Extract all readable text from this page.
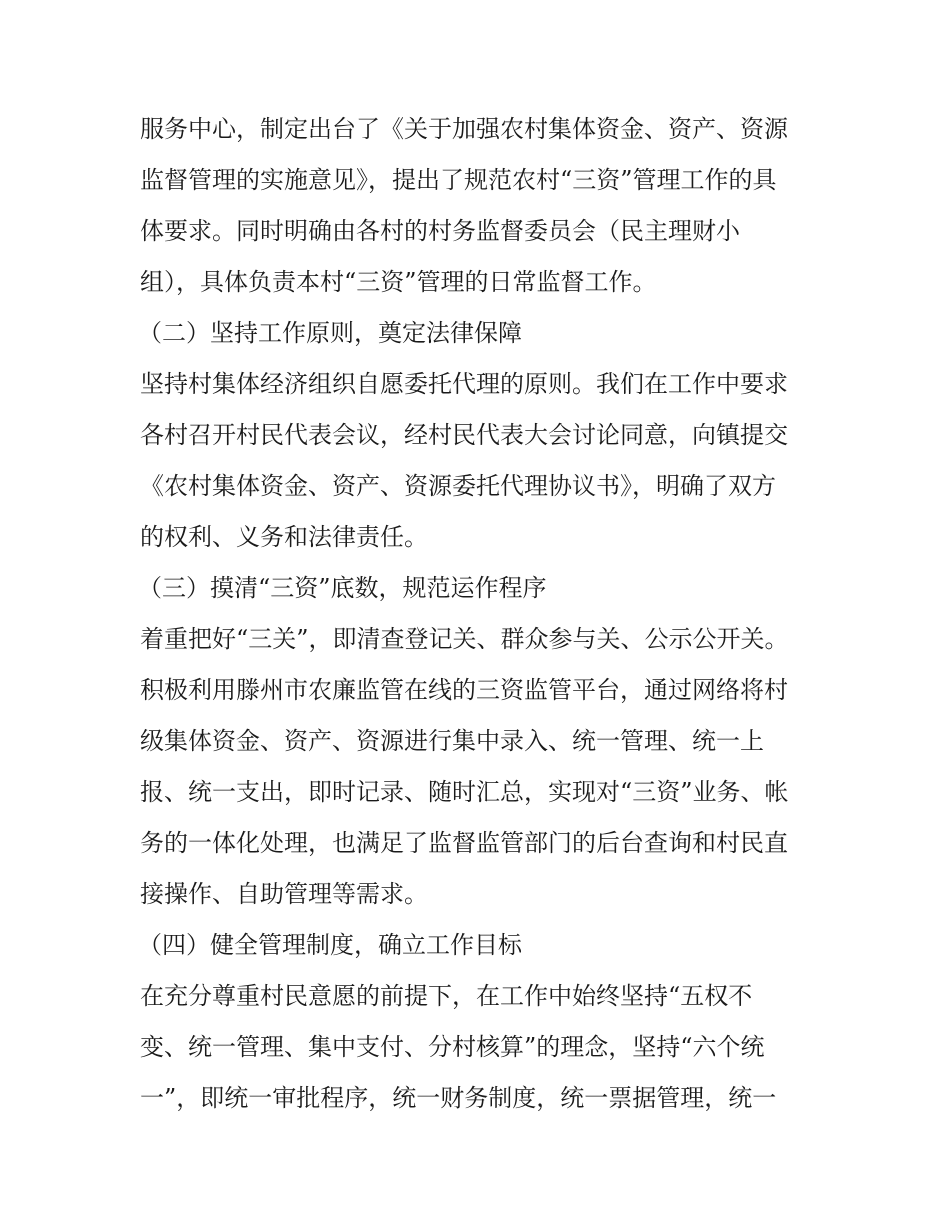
服务中心，制定出台了《关于加强农村集体资金、资产、资源
监督管理的实施意见》，提出了规范农村“三资”管理工作的具
体要求。同时明确由各村的村务监督委员会（民主理财小
组），具体负责本村“三资”管理的日常监督工作。
（二）坚持工作原则，奠定法律保障
坚持村集体经济组织自愿委托代理的原则。我们在工作中要求
各村召开村民代表会议，经村民代表大会讨论同意，向镇提交
《农村集体资金、资产、资源委托代理协议书》，明确了双方
的权利、义务和法律责任。
（三）摸清“三资”底数，规范运作程序
着重把好“三关”，即清查登记关、群众参与关、公示公开关。
积极利用滕州市农廉监管在线的三资监管平台，通过网络将村
级集体资金、资产、资源进行集中录入、统一管理、统一上
报、统一支出，即时记录、随时汇总，实现对“三资”业务、帐
务的一体化处理，也满足了监督监管部门的后台查询和村民直
接操作、自助管理等需求。
（四）健全管理制度，确立工作目标
在充分尊重村民意愿的前提下，在工作中始终坚持“五权不
变、统一管理、集中支付、分村核算”的理念，坚持“六个统
一”，即统一审批程序，统一财务制度，统一票据管理，统一
